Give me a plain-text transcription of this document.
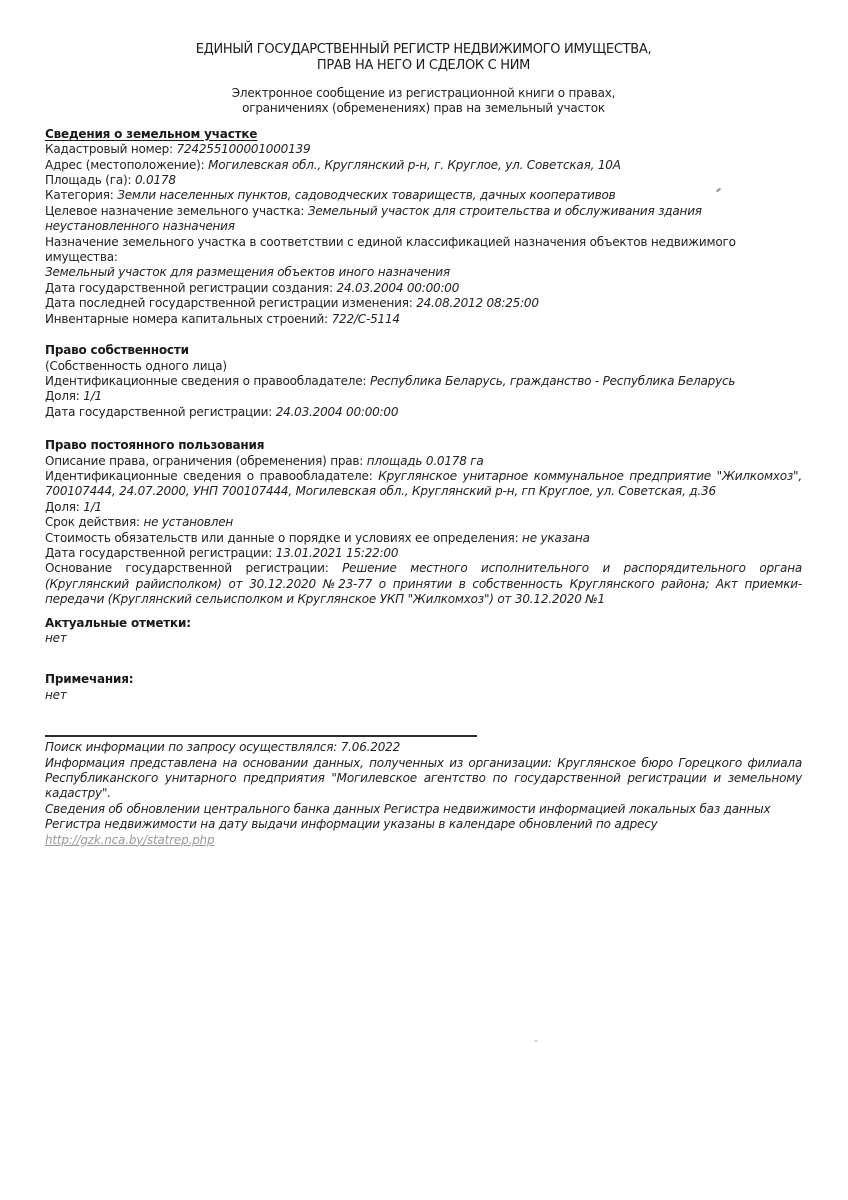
ЕДИНЫЙ ГОСУДАРСТВЕННЫЙ РЕГИСТР НЕДВИЖИМОГО ИМУЩЕСТВА,
ПРАВ НА НЕГО И СДЕЛОК С НИМ
Электронное сообщение из регистрационной книги о правах,
ограничениях (обременениях) прав на земельный участок
Сведения о земельном участке

Кадастровый номер: 724255100001000139

Адрес (местоположение): Могилевская обл., Круглянский р-н, г. Круглое, ул. Советская, 10А

Площадь (га): 0.0178

Категория: Земли населенных пунктов, садоводческих товариществ, дачных кооперативов

Целевое назначение земельного участка: Земельный участок для строительства и обслуживания здания неустановленного назначения

Назначение земельного участка в соответствии с единой классификацией назначения объектов недвижимого имущества:
Земельный участок для размещения объектов иного назначения

Дата государственной регистрации создания: 24.03.2004 00:00:00

Дата последней государственной регистрации изменения: 24.08.2012 08:25:00

Инвентарные номера капитальных строений: 722/С-5114

Право собственности

(Собственность одного лица)

Идентификационные сведения о правообладателе: Республика Беларусь, гражданство - Республика Беларусь

Доля: 1/1

Дата государственной регистрации: 24.03.2004 00:00:00

Право постоянного пользования

Описание права, ограничения (обременения) прав: площадь 0.0178 га

Идентификационные сведения о правообладателе: Круглянское унитарное коммунальное предприятие "Жилкомхоз", 700107444, 24.07.2000, УНП 700107444, Могилевская обл., Круглянский р-н, гп Круглое, ул. Советская, д.36

Доля: 1/1

Срок действия: не установлен

Стоимость обязательств или данные о порядке и условиях ее определения: не указана

Дата государственной регистрации: 13.01.2021 15:22:00

Основание государственной регистрации: Решение местного исполнительного и распорядительного органа (Круглянский райисполком) от 30.12.2020 №23-77 о принятии в собственность Круглянского района; Акт приемки-передачи (Круглянский сельисполком и Круглянское УКП "Жилкомхоз") от 30.12.2020 №1

Актуальные отметки:

нет

Примечания:

нет

Поиск информации по запросу осуществлялся: 7.06.2022

Информация представлена на основании данных, полученных из организации: Круглянское бюро Горецкого филиала Республиканского унитарного предприятия "Могилевское агентство по государственной регистрации и земельному кадастру".

Сведения об обновлении центрального банка данных Регистра недвижимости информацией локальных баз данных Регистра недвижимости на дату выдачи информации указаны в календаре обновлений по адресу

http://gzk.nca.by/statrep.php
